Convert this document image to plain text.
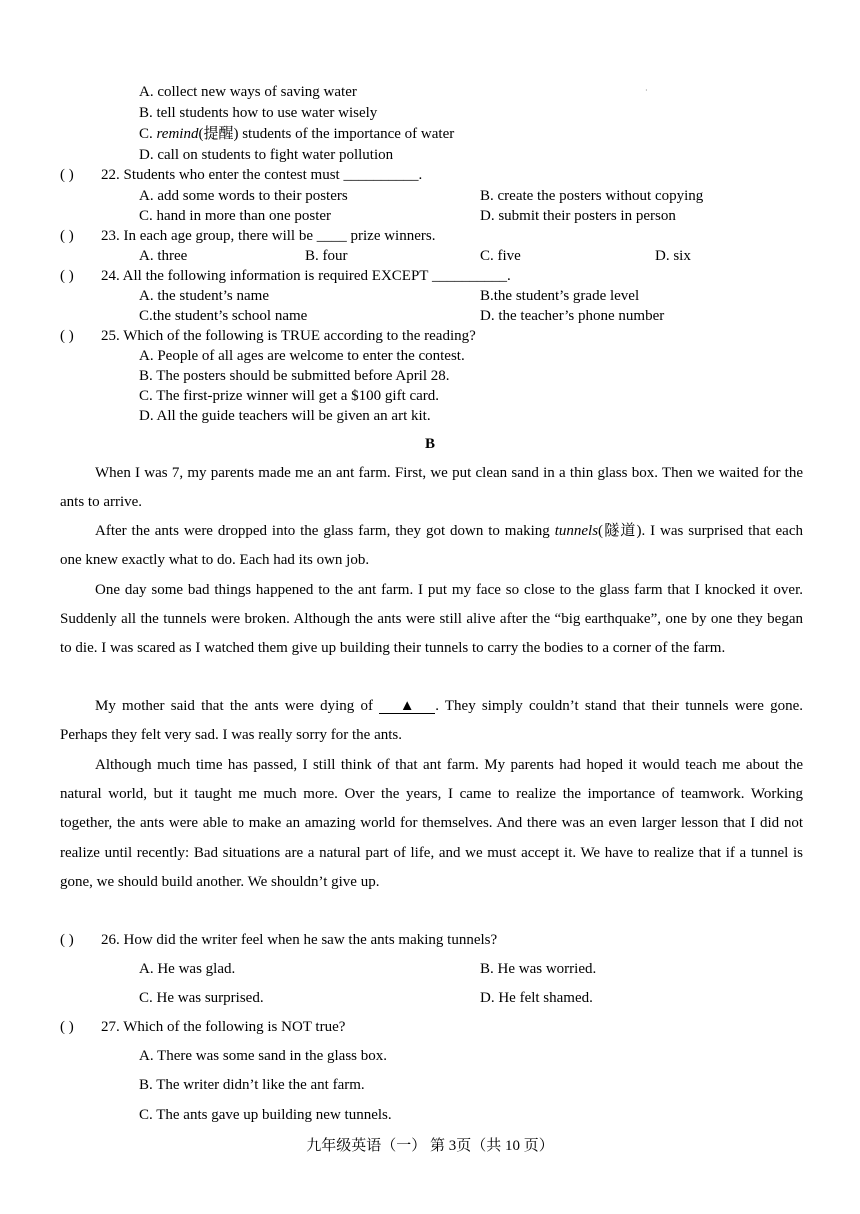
·
A. collect new ways of saving water
B. tell students how to use water wisely
C. remind(提醒) students of the importance of water
D. call on students to fight water pollution
( ) 22. Students who enter the contest must __________.
A. add some words to their posters	B. create the posters without copying
C. hand in more than one poster	D. submit their posters in person
( ) 23. In each age group, there will be ____ prize winners.
A. three	B. four	C. five	D. six
( ) 24. All the following information is required EXCEPT __________.
A. the student’s name	B.the student’s grade level
C.the student’s school name	D. the teacher’s phone number
( ) 25. Which of the following is TRUE according to the reading?
A. People of all ages are welcome to enter the contest.
B. The posters should be submitted before April 28.
C. The first-prize winner will get a $100 gift card.
D. All the guide teachers will be given an art kit.
B
When I was 7, my parents made me an ant farm. First, we put clean sand in a thin glass box. Then we waited for the ants to arrive.
After the ants were dropped into the glass farm, they got down to making tunnels(隧道). I was surprised that each one knew exactly what to do. Each had its own job.
One day some bad things happened to the ant farm. I put my face so close to the glass farm that I knocked it over. Suddenly all the tunnels were broken. Although the ants were still alive after the “big earthquake”, one by one they began to die. I was scared as I watched them give up building their tunnels to carry the bodies to a corner of the farm.
My mother said that the ants were dying of ▲ . They simply couldn’t stand that their tunnels were gone. Perhaps they felt very sad. I was really sorry for the ants.
Although much time has passed, I still think of that ant farm. My parents had hoped it would teach me about the natural world, but it taught me much more. Over the years, I came to realize the importance of teamwork. Working together, the ants were able to make an amazing world for themselves. And there was an even larger lesson that I did not realize until recently: Bad situations are a natural part of life, and we must accept it. We have to realize that if a tunnel is gone, we should build another. We shouldn’t give up.
( ) 26. How did the writer feel when he saw the ants making tunnels?
A. He was glad.	B. He was worried.
C. He was surprised.	D. He felt shamed.
( ) 27. Which of the following is NOT true?
A. There was some sand in the glass box.
B. The writer didn’t like the ant farm.
C. The ants gave up building new tunnels.
九年级英语（一） 第 3页（共 10 页）
